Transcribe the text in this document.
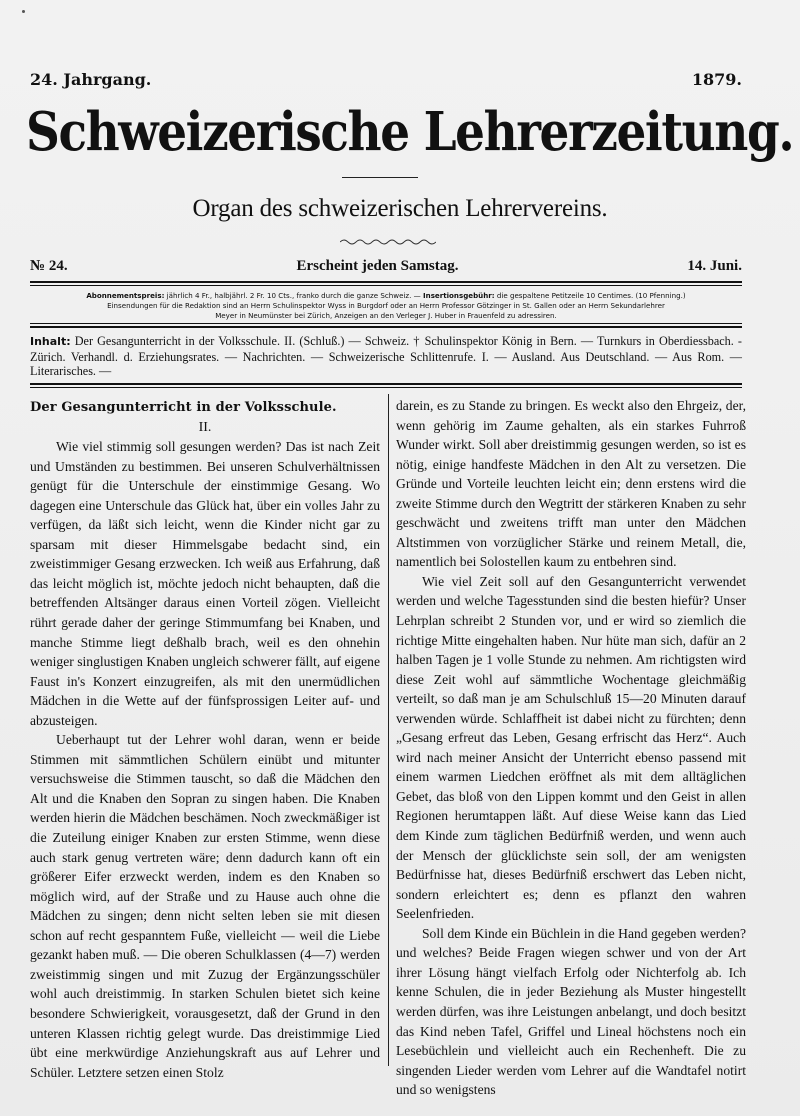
24. Jahrgang.	1879.
Schweizerische Lehrerzeitung.
Organ des schweizerischen Lehrervereins.
№ 24.	Erscheint jeden Samstag.	14. Juni.
Abonnementspreis: jährlich 4 Fr., halbjährl. 2 Fr. 10 Cts., franko durch die ganze Schweiz. — Insertionsgebühr: die gespaltene Petitzeile 10 Centimes. (10 Pfenning.)
Einsendungen für die Redaktion sind an Herrn Schulinspektor Wyss in Burgdorf oder an Herrn Professor Götzinger in St. Gallen oder an Herrn Sekundarlehrer
Meyer in Neumünster bei Zürich, Anzeigen an den Verleger J. Huber in Frauenfeld zu adressiren.
Inhalt: Der Gesangunterricht in der Volksschule. II. (Schluß.) — Schweiz. † Schulinspektor König in Bern. — Turnkurs in Oberdiessbach. - Zürich. Verhandl. d. Erziehungsrates. — Nachrichten. — Schweizerische Schlittenrufe. I. — Ausland. Aus Deutschland. — Aus Rom. — Literarisches. —

Der Gesangunterricht in der Volksschule.

II.

Wie viel stimmig soll gesungen werden? Das ist nach Zeit und Umständen zu bestimmen. Bei unseren Schulverhältnissen genügt für die Unterschule der einstimmige Gesang. Wo dagegen eine Unterschule das Glück hat, über ein volles Jahr zu verfügen, da läßt sich leicht, wenn die Kinder nicht gar zu sparsam mit dieser Himmelsgabe bedacht sind, ein zweistimmiger Gesang erzwecken. Ich weiß aus Erfahrung, daß das leicht möglich ist, möchte jedoch nicht behaupten, daß die betreffenden Altsänger daraus einen Vorteil zögen. Vielleicht rührt gerade daher der geringe Stimmumfang bei Knaben, und manche Stimme liegt deßhalb brach, weil es den ohnehin weniger singlustigen Knaben ungleich schwerer fällt, auf eigene Faust in's Konzert einzugreifen, als mit den unermüdlichen Mädchen in die Wette auf der fünfsprossigen Leiter auf- und abzusteigen.

Ueberhaupt tut der Lehrer wohl daran, wenn er beide Stimmen mit sämmtlichen Schülern einübt und mitunter versuchsweise die Stimmen tauscht, so daß die Mädchen den Alt und die Knaben den Sopran zu singen haben. Die Knaben werden hierin die Mädchen beschämen. Noch zweckmäßiger ist die Zuteilung einiger Knaben zur ersten Stimme, wenn diese auch stark genug vertreten wäre; denn dadurch kann oft ein größerer Eifer erzweckt werden, indem es den Knaben so möglich wird, auf der Straße und zu Hause auch ohne die Mädchen zu singen; denn nicht selten leben sie mit diesen schon auf recht gespanntem Fuße, vielleicht — weil die Liebe gezankt haben muß. — Die oberen Schulklassen (4—7) werden zweistimmig singen und mit Zuzug der Ergänzungsschüler wohl auch dreistimmig. In starken Schulen bietet sich keine besondere Schwierigkeit, vorausgesetzt, daß der Grund in den unteren Klassen richtig gelegt wurde. Das dreistimmige Lied übt eine merkwürdige Anziehungskraft aus auf Lehrer und Schüler. Letztere setzen einen Stolz

darein, es zu Stande zu bringen. Es weckt also den Ehrgeiz, der, wenn gehörig im Zaume gehalten, als ein starkes Fuhrroß Wunder wirkt. Soll aber dreistimmig gesungen werden, so ist es nötig, einige handfeste Mädchen in den Alt zu versetzen. Die Gründe und Vorteile leuchten leicht ein; denn erstens wird die zweite Stimme durch den Wegtritt der stärkeren Knaben zu sehr geschwächt und zweitens trifft man unter den Mädchen Altstimmen von vorzüglicher Stärke und reinem Metall, die, namentlich bei Solostellen kaum zu entbehren sind.

Wie viel Zeit soll auf den Gesangunterricht verwendet werden und welche Tagesstunden sind die besten hiefür? Unser Lehrplan schreibt 2 Stunden vor, und er wird so ziemlich die richtige Mitte eingehalten haben. Nur hüte man sich, dafür an 2 halben Tagen je 1 volle Stunde zu nehmen. Am richtigsten wird diese Zeit wohl auf sämmtliche Wochentage gleichmäßig verteilt, so daß man je am Schulschluß 15—20 Minuten darauf verwenden würde. Schlaffheit ist dabei nicht zu fürchten; denn „Gesang erfreut das Leben, Gesang erfrischt das Herz“. Auch wird nach meiner Ansicht der Unterricht ebenso passend mit einem warmen Liedchen eröffnet als mit dem alltäglichen Gebet, das bloß von den Lippen kommt und den Geist in allen Regionen herumtappen läßt. Auf diese Weise kann das Lied dem Kinde zum täglichen Bedürfniß werden, und wenn auch der Mensch der glücklichste sein soll, der am wenigsten Bedürfnisse hat, dieses Bedürfniß erschwert das Leben nicht, sondern erleichtert es; denn es pflanzt den wahren Seelenfrieden.

Soll dem Kinde ein Büchlein in die Hand gegeben werden? und welches? Beide Fragen wiegen schwer und von der Art ihrer Lösung hängt vielfach Erfolg oder Nichterfolg ab. Ich kenne Schulen, die in jeder Beziehung als Muster hingestellt werden dürfen, was ihre Leistungen anbelangt, und doch besitzt das Kind neben Tafel, Griffel und Lineal höchstens noch ein Lesebüchlein und vielleicht auch ein Rechenheft. Die zu singenden Lieder werden vom Lehrer auf die Wandtafel notirt und so wenigstens
